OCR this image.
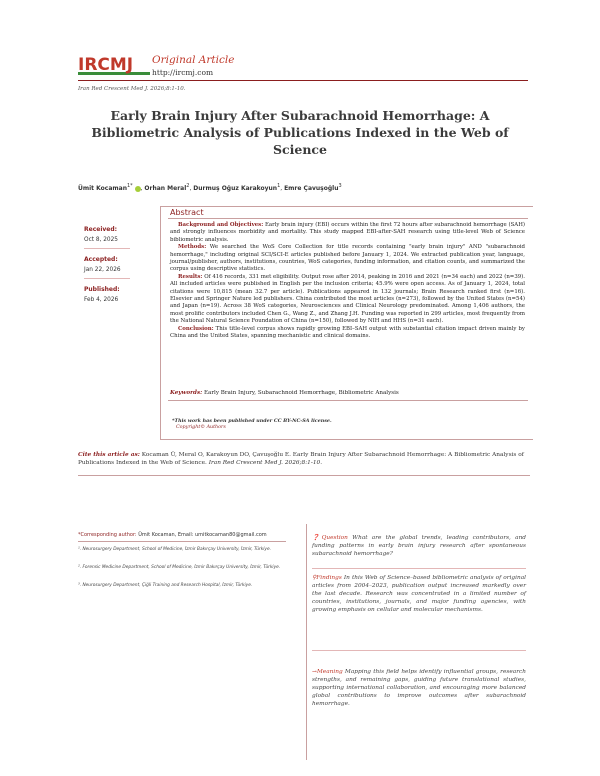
IRCMJ Original Article
http://ircmj.com
Iran Red Crescent Med J. 2026;8:1-10.
Early Brain Injury After Subarachnoid Hemorrhage: A Bibliometric Analysis of Publications Indexed in the Web of Science
Ümit Kocaman$^{1*}$ , Orhan Meral$^2$, Durmuş Oğuz Karakoyun$^1$, Emre Çavuşoğlu$^3$
Received:
Oct 8, 2025
Accepted:
Jan 22, 2026
Published:
Feb 4, 2026
Abstract

Background and Objectives: Early brain injury (EBI) occurs within the first 72 hours after subarachnoid hemorrhage (SAH) and strongly influences morbidity and mortality. This study mapped EBI-after-SAH research using title-level Web of Science bibliometric analysis.

Methods: We searched the WoS Core Collection for title records containing "early brain injury" AND "subarachnoid hemorrhage," including original SCI/SCI-E articles published before January 1, 2024. We extracted publication year, language, journal/publisher, authors, institutions, countries, WoS categories, funding information, and citation counts, and summarized the corpus using descriptive statistics.

Results: Of 416 records, 331 met eligibility. Output rose after 2014, peaking in 2016 and 2021 (n=34 each) and 2022 (n=39). All included articles were published in English per the inclusion criteria; 45.9% were open access. As of January 1, 2024, total citations were 10,815 (mean 32.7 per article). Publications appeared in 132 journals; Brain Research ranked first (n=16). Elsevier and Springer Nature led publishers. China contributed the most articles (n=273), followed by the United States (n=54) and Japan (n=19). Across 38 WoS categories, Neurosciences and Clinical Neurology predominated. Among 1,406 authors, the most prolific contributors included Chen G., Wang Z., and Zhang J.H. Funding was reported in 299 articles, most frequently from the National Natural Science Foundation of China (n=150), followed by NIH and HHS (n=31 each).

Conclusion: This title-level corpus shows rapidly growing EBI–SAH output with substantial citation impact driven mainly by China and the United States, spanning mechanistic and clinical domains.

Keywords: Early Brain Injury, Subarachnoid Hemorrhage, Bibliometric Analysis
*This work has been published under CC BY-NC-SA license.
Copyright© Authors
Cite this article as: Kocaman Ü, Meral O, Karakoyun DO, Çavuşoğlu E. Early Brain Injury After Subarachnoid Hemorrhage: A Bibliometric Analysis of Publications Indexed in the Web of Science. Iran Red Crescent Med J. 2026;8:1-10.
*Corresponding author: Ümit Kocaman, Email: umitkocaman80@gmail.com
¹. Neurosurgery Department, School of Medicine, İzmir Bakırçay University, İzmir, Türkiye.
². Forensic Medicine Department, School of Medicine, İzmir Bakırçay University, İzmir, Türkiye.
³. Neurosurgery Department, Çiğli Training and Research Hospital, İzmir, Türkiye.
❓Question What are the global trends, leading contributors, and funding patterns in early brain injury research after spontaneous subarachnoid hemorrhage?
⚲Findings In this Web of Science–based bibliometric analysis of original articles from 2004–2023, publication output increased markedly over the last decade. Research was concentrated in a limited number of countries, institutions, journals, and major funding agencies, with growing emphasis on cellular and molecular mechanisms.
→Meaning Mapping this field helps identify influential groups, research strengths, and remaining gaps, guiding future translational studies, supporting international collaboration, and encouraging more balanced global contributions to improve outcomes after subarachnoid hemorrhage.
